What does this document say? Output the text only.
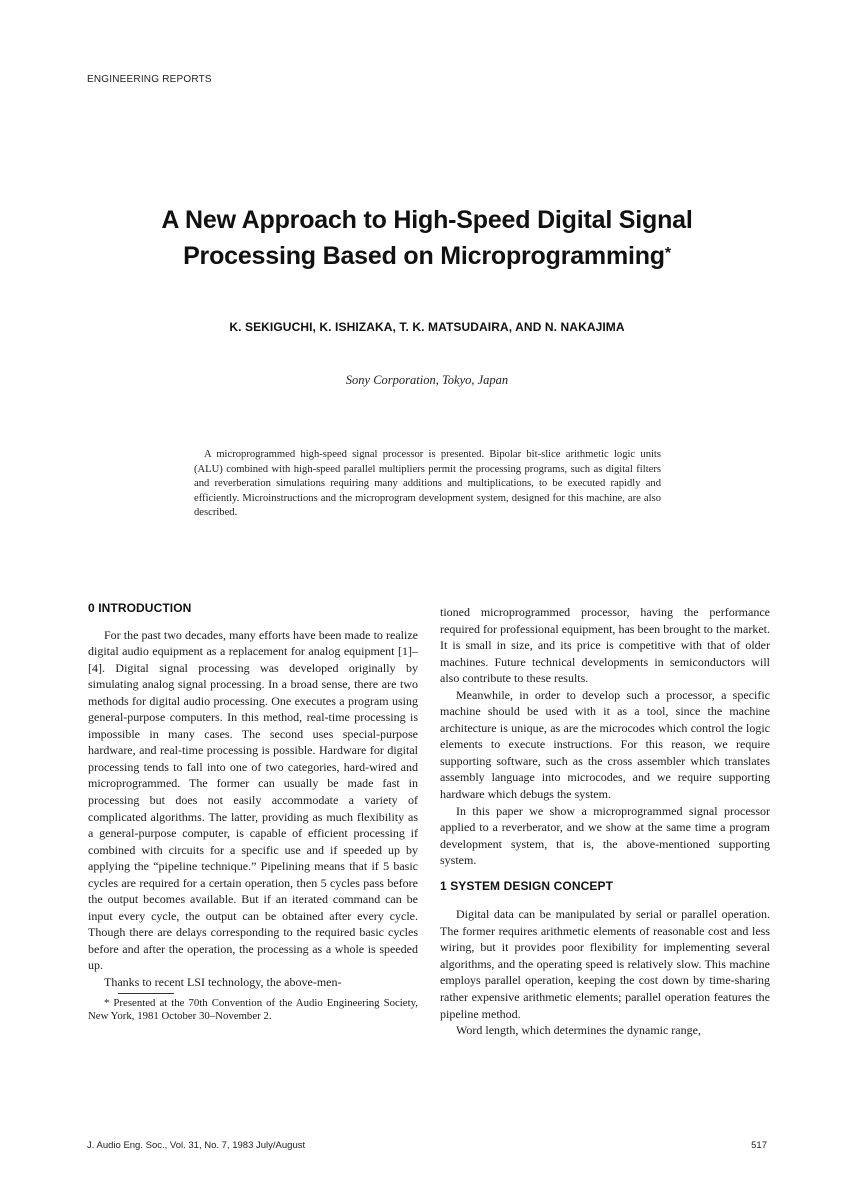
ENGINEERING REPORTS
A New Approach to High-Speed Digital Signal
Processing Based on Microprogramming*
K. SEKIGUCHI, K. ISHIZAKA, T. K. MATSUDAIRA, AND N. NAKAJIMA
Sony Corporation, Tokyo, Japan

A microprogrammed high-speed signal processor is presented. Bipolar bit-slice arithmetic logic units (ALU) combined with high-speed parallel multipliers permit the processing programs, such as digital filters and reverberation simulations requiring many additions and multiplications, to be executed rapidly and efficiently. Microinstructions and the microprogram development system, designed for this machine, are also described.

0 INTRODUCTION

For the past two decades, many efforts have been made to realize digital audio equipment as a replacement for analog equipment [1]–[4]. Digital signal processing was developed originally by simulating analog signal processing. In a broad sense, there are two methods for digital audio processing. One executes a program using general-purpose computers. In this method, real-time processing is impossible in many cases. The second uses special-purpose hardware, and real-time processing is possible. Hardware for digital processing tends to fall into one of two categories, hard-wired and microprogrammed. The former can usually be made fast in processing but does not easily accommodate a variety of complicated algorithms. The latter, providing as much flexibility as a general-purpose computer, is capable of efficient processing if combined with circuits for a specific use and if speeded up by applying the “pipeline technique.” Pipelining means that if 5 basic cycles are required for a certain operation, then 5 cycles pass before the output becomes available. But if an iterated command can be input every cycle, the output can be obtained after every cycle. Though there are delays corresponding to the required basic cycles before and after the operation, the processing as a whole is speeded up.

Thanks to recent LSI technology, the above-men-

* Presented at the 70th Convention of the Audio Engineering Society, New York, 1981 October 30–November 2.

tioned microprogrammed processor, having the performance required for professional equipment, has been brought to the market. It is small in size, and its price is competitive with that of older machines. Future technical developments in semiconductors will also contribute to these results.

Meanwhile, in order to develop such a processor, a specific machine should be used with it as a tool, since the machine architecture is unique, as are the microcodes which control the logic elements to execute instructions. For this reason, we require supporting software, such as the cross assembler which translates assembly language into microcodes, and we require supporting hardware which debugs the system.

In this paper we show a microprogrammed signal processor applied to a reverberator, and we show at the same time a program development system, that is, the above-mentioned supporting system.

1 SYSTEM DESIGN CONCEPT

Digital data can be manipulated by serial or parallel operation. The former requires arithmetic elements of reasonable cost and less wiring, but it provides poor flexibility for implementing several algorithms, and the operating speed is relatively slow. This machine employs parallel operation, keeping the cost down by time-sharing rather expensive arithmetic elements; parallel operation features the pipeline method.

Word length, which determines the dynamic range,

J. Audio Eng. Soc., Vol. 31, No. 7, 1983 July/August	517
